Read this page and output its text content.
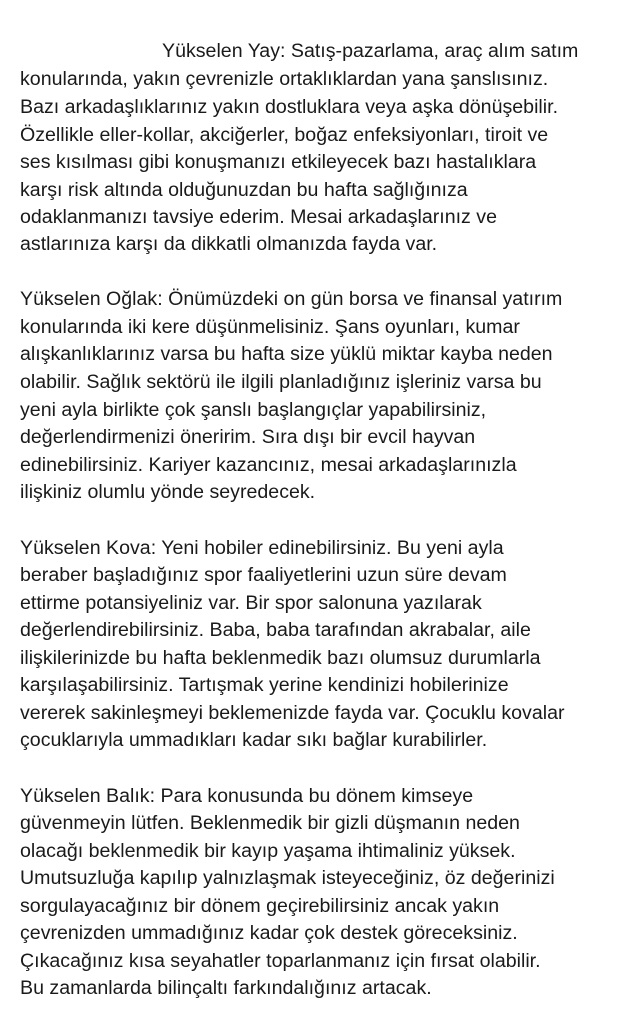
Yükselen Yay: Satış-pazarlama, araç alım satım
konularında, yakın çevrenizle ortaklıklardan yana şanslısınız.
Bazı arkadaşlıklarınız yakın dostluklara veya aşka dönüşebilir.
Özellikle eller-kollar, akciğerler, boğaz enfeksiyonları, tiroit ve
ses kısılması gibi konuşmanızı etkileyecek bazı hastalıklara
karşı risk altında olduğunuzdan bu hafta sağlığınıza
odaklanmanızı tavsiye ederim. Mesai arkadaşlarınız ve
astlarınıza karşı da dikkatli olmanızda fayda var.
Yükselen Oğlak: Önümüzdeki on gün borsa ve finansal yatırım
konularında iki kere düşünmelisiniz. Şans oyunları, kumar
alışkanlıklarınız varsa bu hafta size yüklü miktar kayba neden
olabilir. Sağlık sektörü ile ilgili planladığınız işleriniz varsa bu
yeni ayla birlikte çok şanslı başlangıçlar yapabilirsiniz,
değerlendirmenizi öneririm. Sıra dışı bir evcil hayvan
edinebilirsiniz. Kariyer kazancınız, mesai arkadaşlarınızla
ilişkiniz olumlu yönde seyredecek.
Yükselen Kova: Yeni hobiler edinebilirsiniz. Bu yeni ayla
beraber başladığınız spor faaliyetlerini uzun süre devam
ettirme potansiyeliniz var. Bir spor salonuna yazılarak
değerlendirebilirsiniz. Baba, baba tarafından akrabalar, aile
ilişkilerinizde bu hafta beklenmedik bazı olumsuz durumlarla
karşılaşabilirsiniz. Tartışmak yerine kendinizi hobilerinize
vererek sakinleşmeyi beklemenizde fayda var. Çocuklu kovalar
çocuklarıyla ummadıkları kadar sıkı bağlar kurabilirler.
Yükselen Balık: Para konusunda bu dönem kimseye
güvenmeyin lütfen. Beklenmedik bir gizli düşmanın neden
olacağı beklenmedik bir kayıp yaşama ihtimaliniz yüksek.
Umutsuzluğa kapılıp yalnızlaşmak isteyeceğiniz, öz değerinizi
sorgulayacağınız bir dönem geçirebilirsiniz ancak yakın
çevrenizden ummadığınız kadar çok destek göreceksiniz.
Çıkacağınız kısa seyahatler toparlanmanız için fırsat olabilir.
Bu zamanlarda bilinçaltı farkındalığınız artacak.
